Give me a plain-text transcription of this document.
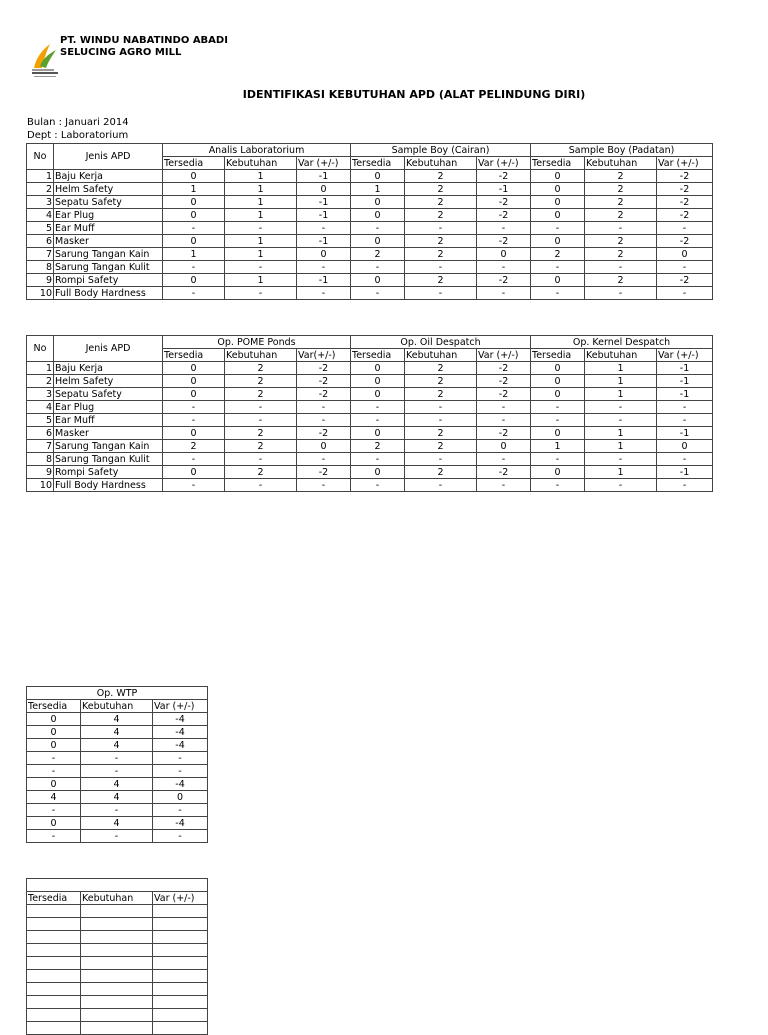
PT. WINDU NABATINDO ABADI
SELUCING AGRO MILL
IDENTIFIKASI KEBUTUHAN APD (ALAT PELINDUNG DIRI)
Bulan : Januari 2014
Dept : Laboratorium
No	Jenis APD	Analis Laboratorium			Sample Boy (Cairan)			Sample Boy (Padatan)		
		Tersedia	Kebutuhan	Var (+/-)	Tersedia	Kebutuhan	Var (+/-)	Tersedia	Kebutuhan	Var (+/-)
1	Baju Kerja	0	1	-1	0	2	-2	0	2	-2
2	Helm Safety	1	1	0	1	2	-1	0	2	-2
3	Sepatu Safety	0	1	-1	0	2	-2	0	2	-2
4	Ear Plug	0	1	-1	0	2	-2	0	2	-2
5	Ear Muff	-	-	-	-	-	-	-	-	-
6	Masker	0	1	-1	0	2	-2	0	2	-2
7	Sarung Tangan Kain	1	1	0	2	2	0	2	2	0
8	Sarung Tangan Kulit	-	-	-	-	-	-	-	-	-
9	Rompi Safety	0	1	-1	0	2	-2	0	2	-2
10	Full Body Hardness	-	-	-	-	-	-	-	-	-
No	Jenis APD	Op. POME Ponds			Op. Oil Despatch			Op. Kernel Despatch		
		Tersedia	Kebutuhan	Var(+/-)	Tersedia	Kebutuhan	Var (+/-)	Tersedia	Kebutuhan	Var (+/-)
1	Baju Kerja	0	2	-2	0	2	-2	0	1	-1
2	Helm Safety	0	2	-2	0	2	-2	0	1	-1
3	Sepatu Safety	0	2	-2	0	2	-2	0	1	-1
4	Ear Plug	-	-	-	-	-	-	-	-	-
5	Ear Muff	-	-	-	-	-	-	-	-	-
6	Masker	0	2	-2	0	2	-2	0	1	-1
7	Sarung Tangan Kain	2	2	0	2	2	0	1	1	0
8	Sarung Tangan Kulit	-	-	-	-	-	-	-	-	-
9	Rompi Safety	0	2	-2	0	2	-2	0	1	-1
10	Full Body Hardness	-	-	-	-	-	-	-	-	-
Op. WTP		
Tersedia	Kebutuhan	Var (+/-)
0	4	-4
0	4	-4
0	4	-4
-	-	-
-	-	-
0	4	-4
4	4	0
-	-	-
0	4	-4
-	-	-

Tersedia	Kebutuhan	Var (+/-)
